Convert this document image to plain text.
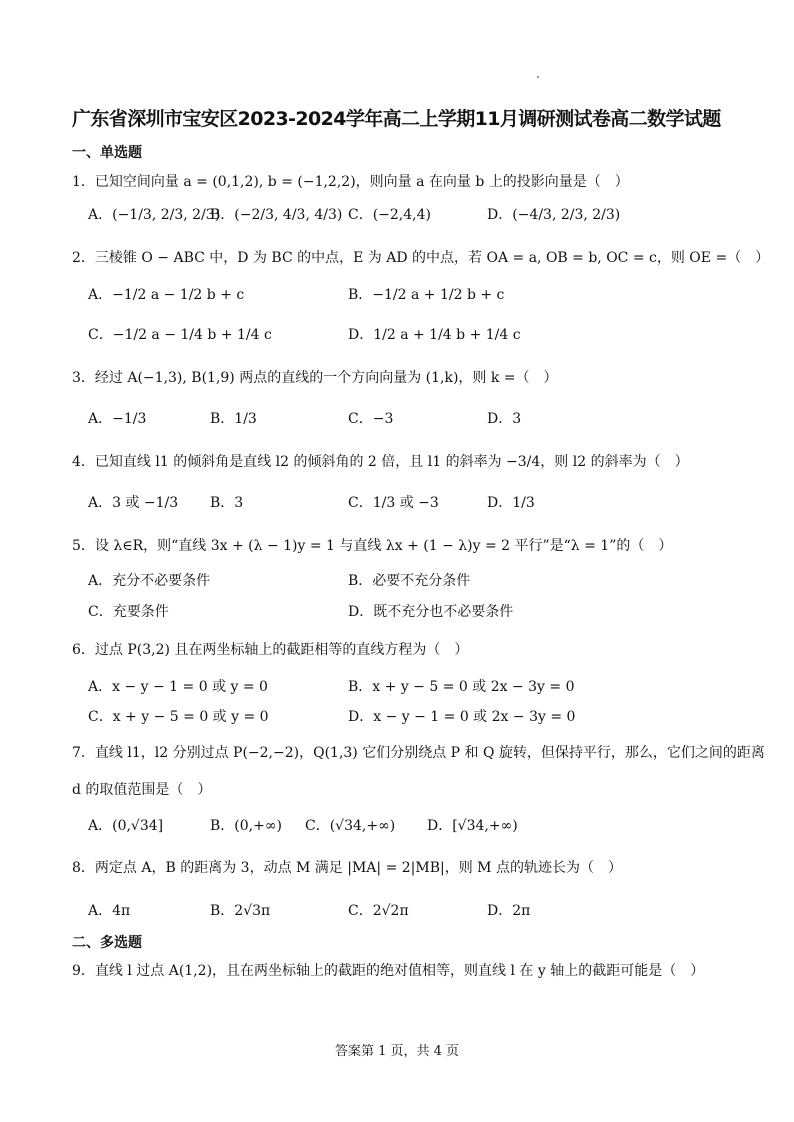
广东省深圳市宝安区2023-2024学年高二上学期11月调研测试卷高二数学试题
一、单选题
1．已知空间向量 a = (0,1,2), b = (−1,2,2)，则向量 a 在向量 b 上的投影向量是（　）
A．(−1/3, 2/3, 2/3)
B．(−2/3, 4/3, 4/3) C．(−2,4,4)	D．(−4/3, 2/3, 2/3)
2．三棱锥 O − ABC 中，D 为 BC 的中点，E 为 AD 的中点，若 OA = a, OB = b, OC = c，则 OE =（　）
A．−1/2 a − 1/2 b + c	B．−1/2 a + 1/2 b + c
C．−1/2 a − 1/4 b + 1/4 c	D．1/2 a + 1/4 b + 1/4 c
3．经过 A(−1,3), B(1,9) 两点的直线的一个方向向量为 (1,k)，则 k =（　）
A．−1/3	B．1/3	C．−3	D．3
4．已知直线 l1 的倾斜角是直线 l2 的倾斜角的 2 倍，且 l1 的斜率为 −3/4，则 l2 的斜率为（　）
A．3 或 −1/3 B．3	C．1/3 或 −3	D．1/3
5．设 λ∈R，则“直线 3x + (λ − 1)y = 1 与直线 λx + (1 − λ)y = 2 平行”是“λ = 1”的（　）
A．充分不必要条件	B．必要不充分条件
C．充要条件	D．既不充分也不必要条件
6．过点 P(3,2) 且在两坐标轴上的截距相等的直线方程为（　）
A．x − y − 1 = 0 或 y = 0	B．x + y − 5 = 0 或 2x − 3y = 0
C．x + y − 5 = 0 或 y = 0	D．x − y − 1 = 0 或 2x − 3y = 0
7．直线 l1，l2 分别过点 P(−2,−2)，Q(1,3) 它们分别绕点 P 和 Q 旋转，但保持平行，那么，它们之间的距离
d 的取值范围是（　）
A．(0,√34]	B．(0,+∞) C．(√34,+∞) D．[√34,+∞)
8．两定点 A，B 的距离为 3，动点 M 满足 |MA| = 2|MB|，则 M 点的轨迹长为（　）
A．4π	B．2√3π	C．2√2π	D．2π
二、多选题
9．直线 l 过点 A(1,2)，且在两坐标轴上的截距的绝对值相等，则直线 l 在 y 轴上的截距可能是（　）
答案第 1 页，共 4 页
